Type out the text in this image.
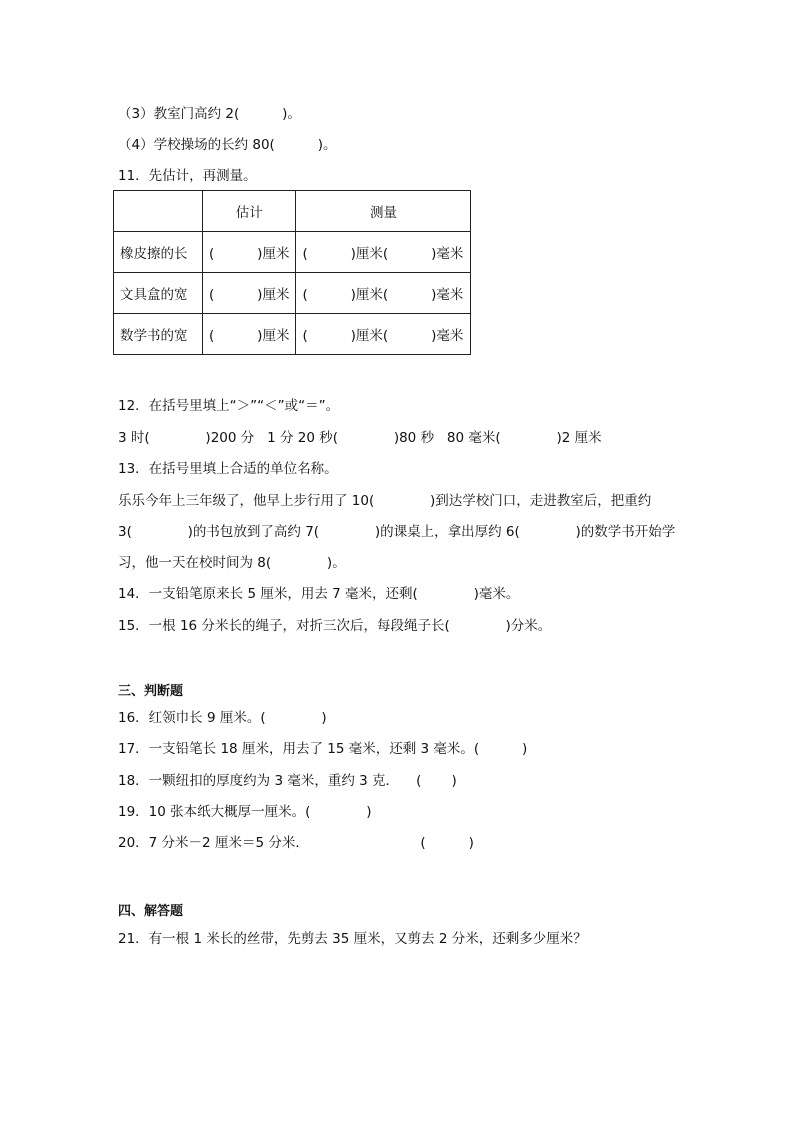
（3）教室门高约 2(          )。
（4）学校操场的长约 80(          )。
11．先估计，再测量。
	估计	测量
橡皮擦的长	(          )厘米	(          )厘米(          )毫米
文具盒的宽	(          )厘米	(          )厘米(          )毫米
数学书的宽	(          )厘米	(          )厘米(          )毫米
12．在括号里填上“＞”“＜”或“＝”。
3 时(             )200 分   1 分 20 秒(             )80 秒   80 毫米(             )2 厘米
13．在括号里填上合适的单位名称。
乐乐今年上三年级了，他早上步行用了 10(             )到达学校门口，走进教室后，把重约
3(             )的书包放到了高约 7(             )的课桌上，拿出厚约 6(             )的数学书开始学
习，他一天在校时间为 8(             )。
14．一支铅笔原来长 5 厘米，用去 7 毫米，还剩(             )毫米。
15．一根 16 分米长的绳子，对折三次后，每段绳子长(             )分米。
三、判断题
16．红领巾长 9 厘米。(             )
17．一支铅笔长 18 厘米，用去了 15 毫米，还剩 3 毫米。(          )
18．一颗纽扣的厚度约为 3 毫米，重约 3 克．    (       )
19．10 张本纸大概厚一厘米。(             )
20．7 分米－2 厘米＝5 分米．                          (          )
四、解答题
21．有一根 1 米长的丝带，先剪去 35 厘米，又剪去 2 分米，还剩多少厘米？
